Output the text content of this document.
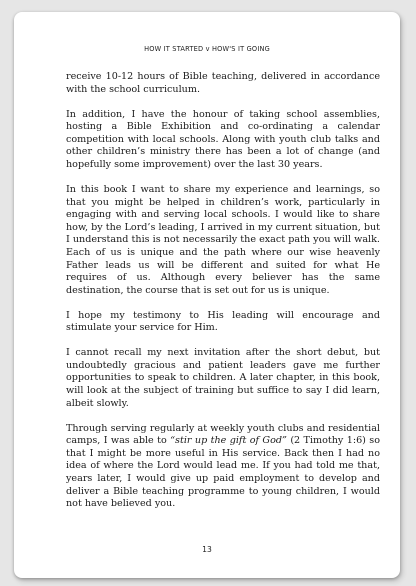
HOW IT STARTED v HOW'S IT GOING

receive 10-12 hours of Bible teaching, delivered in accordance with the school curriculum.

In addition, I have the honour of taking school assemblies, hosting a Bible Exhibition and co-ordinating a calendar competition with local schools. Along with youth club talks and other children’s ministry there has been a lot of change (and hopefully some improvement) over the last 30 years.

In this book I want to share my experience and learnings, so that you might be helped in children’s work, particularly in engaging with and serving local schools. I would like to share how, by the Lord’s leading, I arrived in my current situation, but I understand this is not necessarily the exact path you will walk. Each of us is unique and the path where our wise heavenly Father leads us will be different and suited for what He requires of us. Although every believer has the same destination, the course that is set out for us is unique.

I hope my testimony to His leading will encourage and stimulate your service for Him.

I cannot recall my next invitation after the short debut, but undoubtedly gracious and patient leaders gave me further opportunities to speak to children. A later chapter, in this book, will look at the subject of training but suffice to say I did learn, albeit slowly.

Through serving regularly at weekly youth clubs and residential camps, I was able to “stir up the gift of God” (2 Timothy 1:6) so that I might be more useful in His service. Back then I had no idea of where the Lord would lead me. If you had told me that, years later, I would give up paid employment to develop and deliver a Bible teaching programme to young children, I would not have believed you.

13
